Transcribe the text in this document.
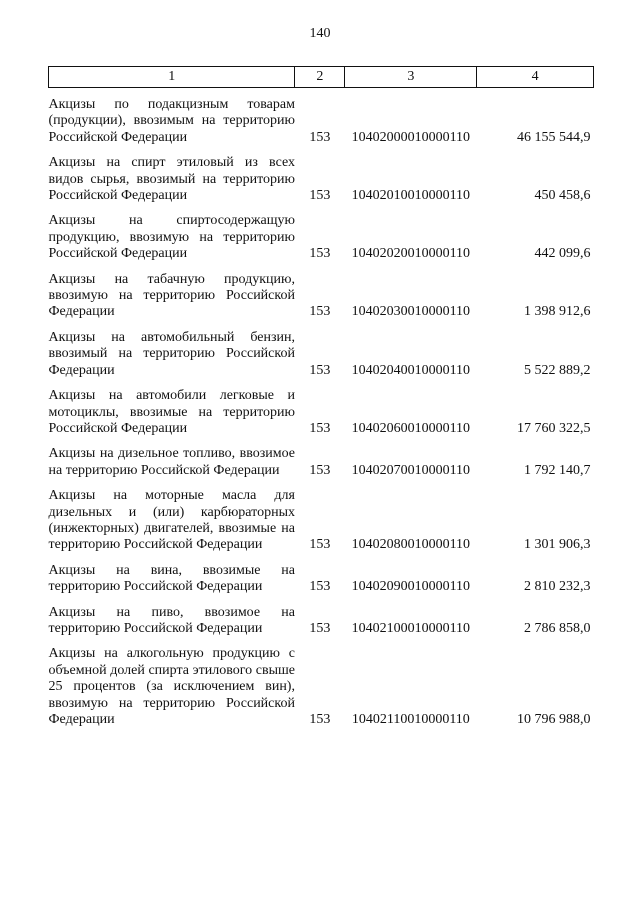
140
1	2	3	4
Акцизы по подакцизным товарам (продукции), ввозимым на территорию Российской Федерации	153	10402000010000110	46 155 544,9
Акцизы на спирт этиловый из всех видов сырья, ввозимый на территорию Российской Федерации	153	10402010010000110	450 458,6
Акцизы на спиртосодержащую продукцию, ввозимую на территорию Российской Федерации	153	10402020010000110	442 099,6
Акцизы на табачную продукцию, ввозимую на территорию Российской Федерации	153	10402030010000110	1 398 912,6
Акцизы на автомобильный бензин, ввозимый на территорию Российской Федерации	153	10402040010000110	5 522 889,2
Акцизы на автомобили легковые и мотоциклы, ввозимые на территорию Российской Федерации	153	10402060010000110	17 760 322,5
Акцизы на дизельное топливо, ввозимое на территорию Российской Федерации	153	10402070010000110	1 792 140,7
Акцизы на моторные масла для дизельных и (или) карбюраторных (инжекторных) двигателей, ввозимые на территорию Российской Федерации	153	10402080010000110	1 301 906,3
Акцизы на вина, ввозимые на территорию Российской Федерации	153	10402090010000110	2 810 232,3
Акцизы на пиво, ввозимое на территорию Российской Федерации	153	10402100010000110	2 786 858,0
Акцизы на алкогольную продукцию с объемной долей спирта этилового свыше 25 процентов (за исключением вин), ввозимую на территорию Российской Федерации	153	10402110010000110	10 796 988,0
